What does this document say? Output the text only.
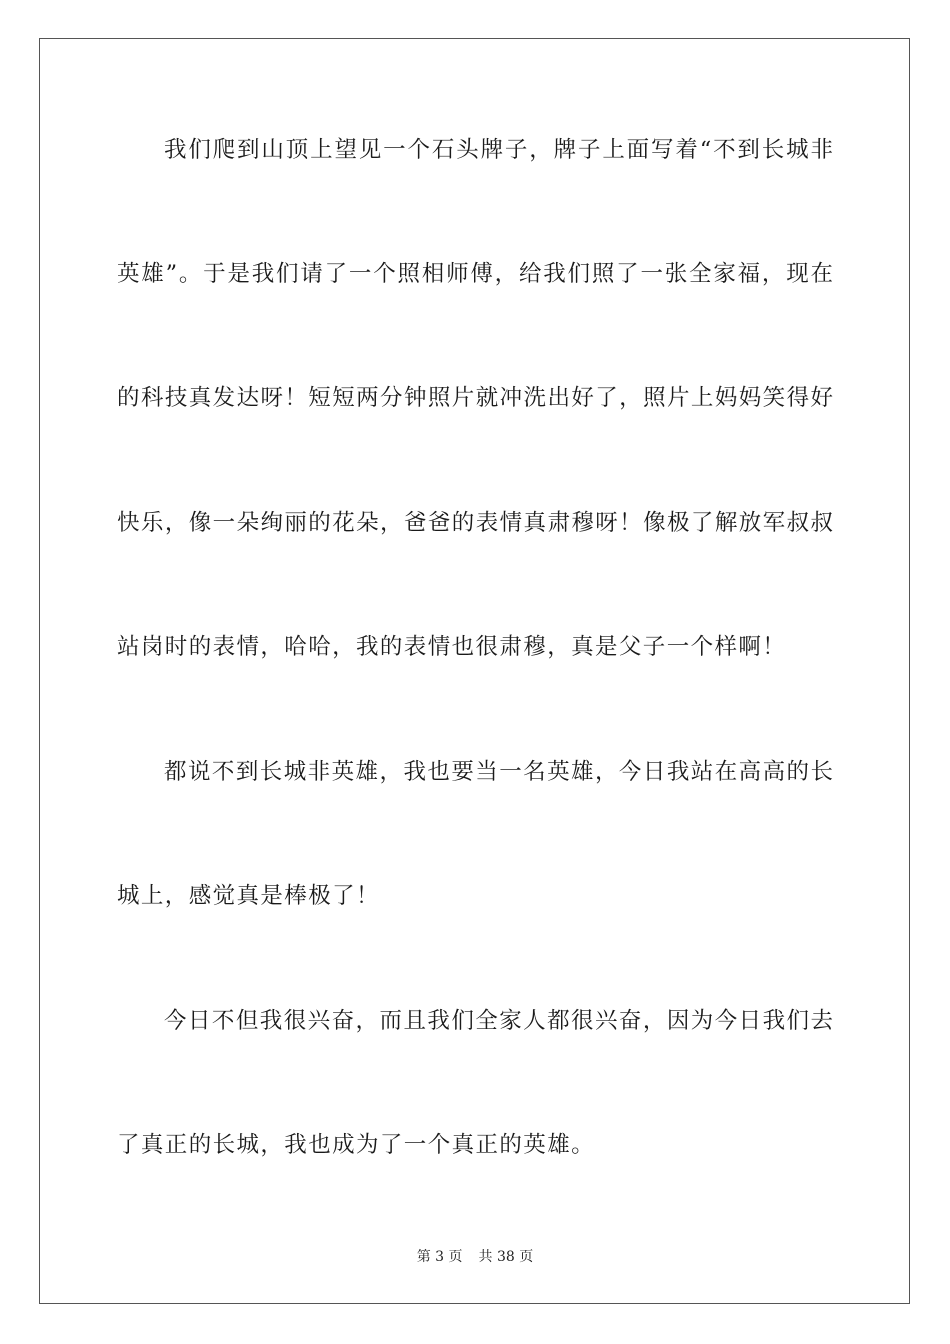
我们爬到山顶上望见一个石头牌子，牌子上面写着“不到长城非
英雄”。于是我们请了一个照相师傅，给我们照了一张全家福，现在
的科技真发达呀！短短两分钟照片就冲洗出好了，照片上妈妈笑得好
快乐，像一朵绚丽的花朵，爸爸的表情真肃穆呀！像极了解放军叔叔
站岗时的表情，哈哈，我的表情也很肃穆，真是父子一个样啊！
都说不到长城非英雄，我也要当一名英雄，今日我站在高高的长
城上，感觉真是棒极了！
今日不但我很兴奋，而且我们全家人都很兴奋，因为今日我们去
了真正的长城，我也成为了一个真正的英雄。
第 3 页 共 38 页
